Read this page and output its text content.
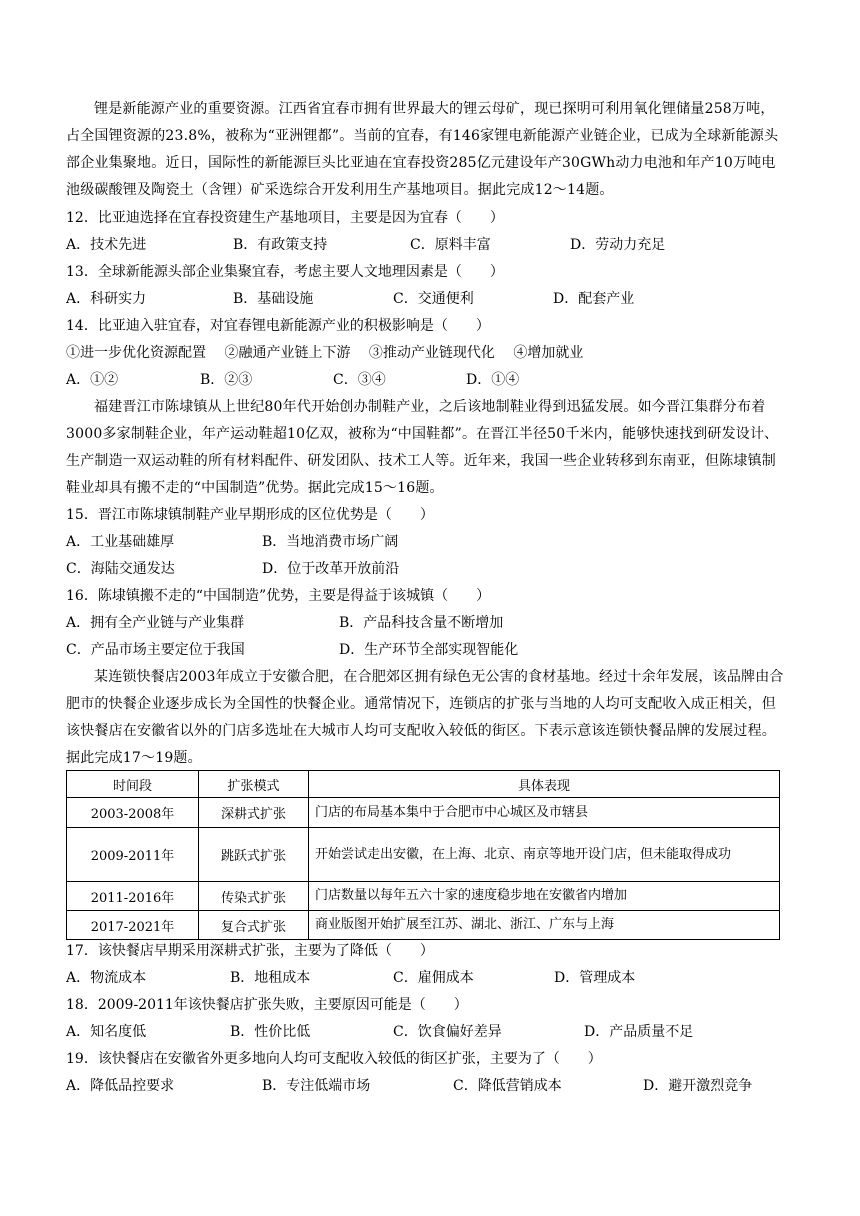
锂是新能源产业的重要资源。江西省宜春市拥有世界最大的锂云母矿，现已探明可利用氧化锂储量258万吨，占全国锂资源的23.8%，被称为“亚洲锂都”。当前的宜春，有146家锂电新能源产业链企业，已成为全球新能源头部企业集聚地。近日，国际性的新能源巨头比亚迪在宜春投资285亿元建设年产30GWh动力电池和年产10万吨电池级碳酸锂及陶瓷土（含锂）矿采选综合开发利用生产基地项目。据此完成12～14题。

12．比亚迪选择在宜春投资建生产基地项目，主要是因为宜春（　　）

A．技术先进	B．有政策支持	C．原料丰富	D．劳动力充足

13．全球新能源头部企业集聚宜春，考虑主要人文地理因素是（　　）

A．科研实力	B．基础设施	C．交通便利	D．配套产业

14．比亚迪入驻宜春，对宜春锂电新能源产业的积极影响是（　　）

①进一步优化资源配置　 ②融通产业链上下游　 ③推动产业链现代化　 ④增加就业

A．①②	B．②③	C．③④	D．①④

福建晋江市陈埭镇从上世纪80年代开始创办制鞋产业，之后该地制鞋业得到迅猛发展。如今晋江集群分布着3000多家制鞋企业，年产运动鞋超10亿双，被称为“中国鞋都”。在晋江半径50千米内，能够快速找到研发设计、生产制造一双运动鞋的所有材料配件、研发团队、技术工人等。近年来，我国一些企业转移到东南亚，但陈埭镇制鞋业却具有搬不走的“中国制造”优势。据此完成15～16题。

15．晋江市陈埭镇制鞋产业早期形成的区位优势是（　　）

A．工业基础雄厚	B．当地消费市场广阔
C．海陆交通发达	D．位于改革开放前沿

16．陈埭镇搬不走的“中国制造”优势，主要是得益于该城镇（　　）

A．拥有全产业链与产业集群	B．产品科技含量不断增加
C．产品市场主要定位于我国	D．生产环节全部实现智能化

某连锁快餐店2003年成立于安徽合肥，在合肥郊区拥有绿色无公害的食材基地。经过十余年发展，该品牌由合肥市的快餐企业逐步成长为全国性的快餐企业。通常情况下，连锁店的扩张与当地的人均可支配收入成正相关，但该快餐店在安徽省以外的门店多选址在大城市人均可支配收入较低的街区。下表示意该连锁快餐品牌的发展过程。据此完成17～19题。

时间段	扩张模式	具体表现
2003-2008年	深耕式扩张	门店的布局基本集中于合肥市中心城区及市辖县
2009-2011年	跳跃式扩张	开始尝试走出安徽，在上海、北京、南京等地开设门店，但未能取得成功
2011-2016年	传染式扩张	门店数量以每年五六十家的速度稳步地在安徽省内增加
2017-2021年	复合式扩张	商业版图开始扩展至江苏、湖北、浙江、广东与上海

17．该快餐店早期采用深耕式扩张，主要为了降低（　　）

A．物流成本	B．地租成本	C．雇佣成本	D．管理成本

18．2009-2011年该快餐店扩张失败，主要原因可能是（　　）

A．知名度低	B．性价比低	C．饮食偏好差异	D．产品质量不足

19．该快餐店在安徽省外更多地向人均可支配收入较低的街区扩张，主要为了（　　）

A．降低品控要求	B．专注低端市场	C．降低营销成本	D．避开激烈竞争
